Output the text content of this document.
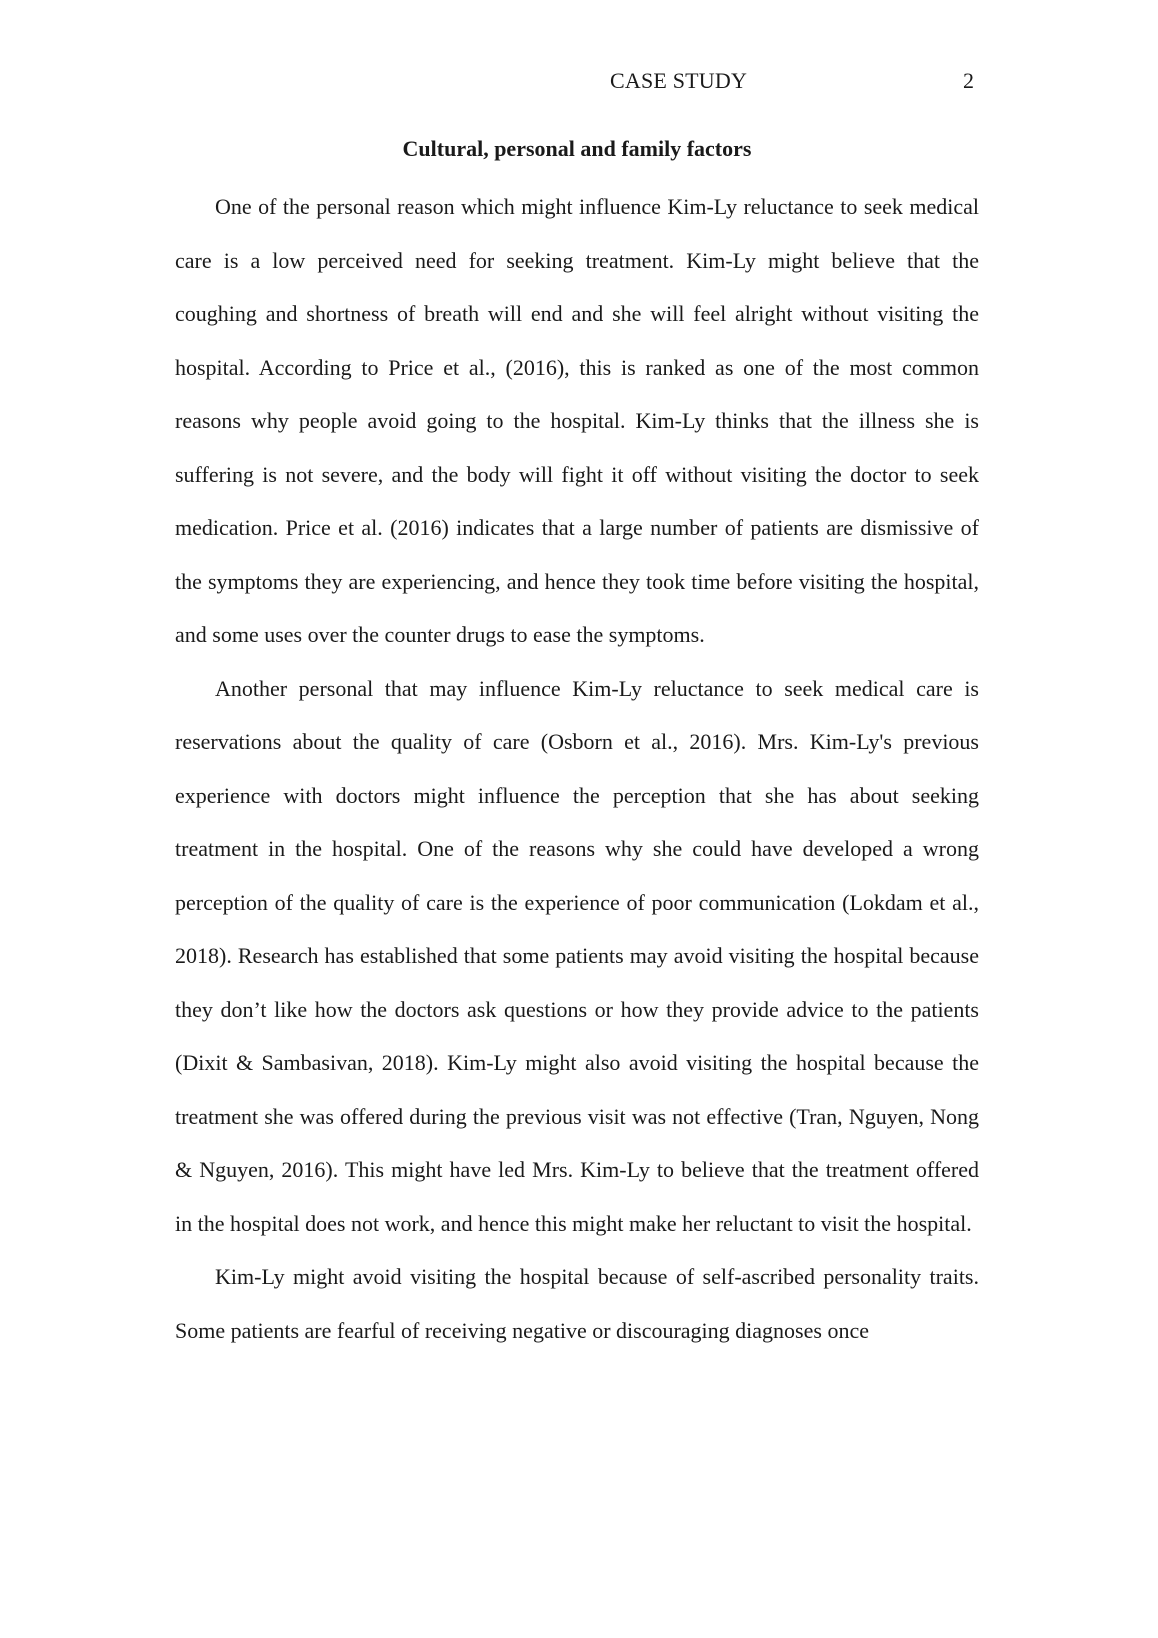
CASE STUDY	2
Cultural, personal and family factors

One of the personal reason which might influence Kim-Ly reluctance to seek medical care is a low perceived need for seeking treatment. Kim-Ly might believe that the coughing and shortness of breath will end and she will feel alright without visiting the hospital. According to Price et al., (2016), this is ranked as one of the most common reasons why people avoid going to the hospital. Kim-Ly thinks that the illness she is suffering is not severe, and the body will fight it off without visiting the doctor to seek medication. Price et al. (2016) indicates that a large number of patients are dismissive of the symptoms they are experiencing, and hence they took time before visiting the hospital, and some uses over the counter drugs to ease the symptoms.

Another personal that may influence Kim-Ly reluctance to seek medical care is reservations about the quality of care (Osborn et al., 2016). Mrs. Kim-Ly's previous experience with doctors might influence the perception that she has about seeking treatment in the hospital. One of the reasons why she could have developed a wrong perception of the quality of care is the experience of poor communication (Lokdam et al., 2018). Research has established that some patients may avoid visiting the hospital because they don’t like how the doctors ask questions or how they provide advice to the patients (Dixit & Sambasivan, 2018). Kim-Ly might also avoid visiting the hospital because the treatment she was offered during the previous visit was not effective (Tran, Nguyen, Nong & Nguyen, 2016). This might have led Mrs. Kim-Ly to believe that the treatment offered in the hospital does not work, and hence this might make her reluctant to visit the hospital.

Kim-Ly might avoid visiting the hospital because of self-ascribed personality traits. Some patients are fearful of receiving negative or discouraging diagnoses once
